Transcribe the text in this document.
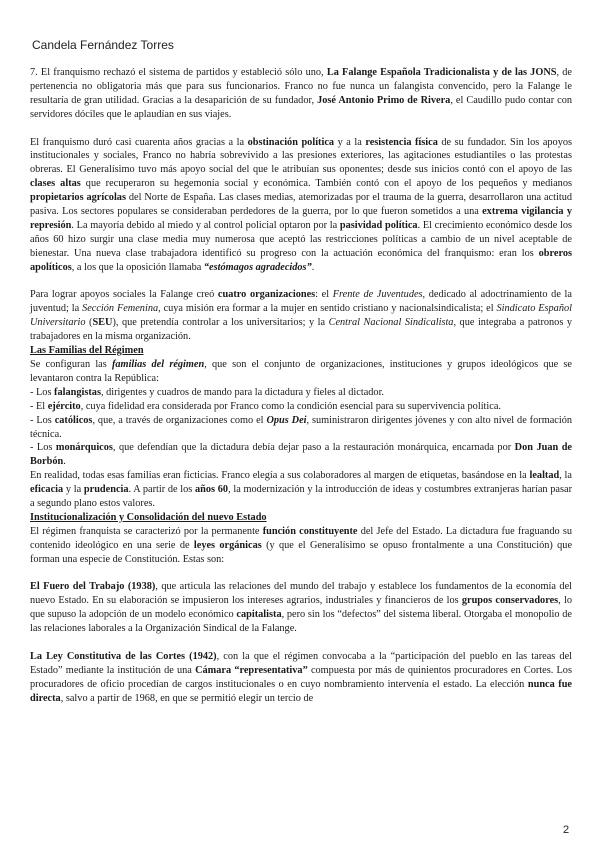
Candela Fernández Torres
7. El franquismo rechazó el sistema de partidos y estableció sólo uno, La Falange Española Tradicionalista y de las JONS, de pertenencia no obligatoria más que para sus funcionarios. Franco no fue nunca un falangista convencido, pero la Falange le resultaría de gran utilidad. Gracias a la desaparición de su fundador, José Antonio Primo de Rivera, el Caudillo pudo contar con servidores dóciles que le aplaudían en sus viajes.
El franquismo duró casi cuarenta años gracias a la obstinación política y a la resistencia física de su fundador. Sin los apoyos institucionales y sociales, Franco no habría sobrevivido a las presiones exteriores, las agitaciones estudiantiles o las protestas obreras. El Generalísimo tuvo más apoyo social del que le atribuían sus oponentes; desde sus inicios contó con el apoyo de las clases altas que recuperaron su hegemonía social y económica. También contó con el apoyo de los pequeños y medianos propietarios agrícolas del Norte de España. Las clases medias, atemorizadas por el trauma de la guerra, desarrollaron una actitud pasiva. Los sectores populares se consideraban perdedores de la guerra, por lo que fueron sometidos a una extrema vigilancia y represión. La mayoría debido al miedo y al control policial optaron por la pasividad política. El crecimiento económico desde los años 60 hizo surgir una clase media muy numerosa que aceptó las restricciones políticas a cambio de un nivel aceptable de bienestar. Una nueva clase trabajadora identificó su progreso con la actuación económica del franquismo: eran los obreros apolíticos, a los que la oposición llamaba “estómagos agradecidos”.
Para lograr apoyos sociales la Falange creó cuatro organizaciones: el Frente de Juventudes, dedicado al adoctrinamiento de la juventud; la Sección Femenina, cuya misión era formar a la mujer en sentido cristiano y nacionalsindicalista; el Sindicato Español Universitario (SEU), que pretendía controlar a los universitarios; y la Central Nacional Sindicalista, que integraba a patronos y trabajadores en la misma organización.
Las Familias del Régimen
Se configuran las familias del régimen, que son el conjunto de organizaciones, instituciones y grupos ideológicos que se levantaron contra la República:
- Los falangistas, dirigentes y cuadros de mando para la dictadura y fieles al dictador.
- El ejército, cuya fidelidad era considerada por Franco como la condición esencial para su supervivencia política.
- Los católicos, que, a través de organizaciones como el Opus Dei, suministraron dirigentes jóvenes y con alto nivel de formación técnica.
- Los monárquicos, que defendían que la dictadura debía dejar paso a la restauración monárquica, encarnada por Don Juan de Borbón.
En realidad, todas esas familias eran ficticias. Franco elegía a sus colaboradores al margen de etiquetas, basándose en la lealtad, la eficacia y la prudencia. A partir de los años 60, la modernización y la introducción de ideas y costumbres extranjeras harían pasar a segundo plano estos valores.
Institucionalización y Consolidación del nuevo Estado
El régimen franquista se caracterizó por la permanente función constituyente del Jefe del Estado. La dictadura fue fraguando su contenido ideológico en una serie de leyes orgánicas (y que el Generalísimo se opuso frontalmente a una Constitución) que forman una especie de Constitución. Estas son:
El Fuero del Trabajo (1938), que articula las relaciones del mundo del trabajo y establece los fundamentos de la economía del nuevo Estado. En su elaboración se impusieron los intereses agrarios, industriales y financieros de los grupos conservadores, lo que supuso la adopción de un modelo económico capitalista, pero sin los “defectos” del sistema liberal. Otorgaba el monopolio de las relaciones laborales a la Organización Sindical de la Falange.
La Ley Constitutiva de las Cortes (1942), con la que el régimen convocaba a la “participación del pueblo en las tareas del Estado” mediante la institución de una Cámara “representativa” compuesta por más de quinientos procuradores en Cortes. Los procuradores de oficio procedían de cargos institucionales o en cuyo nombramiento intervenía el estado. La elección nunca fue directa, salvo a partir de 1968, en que se permitió elegir un tercio de
2
